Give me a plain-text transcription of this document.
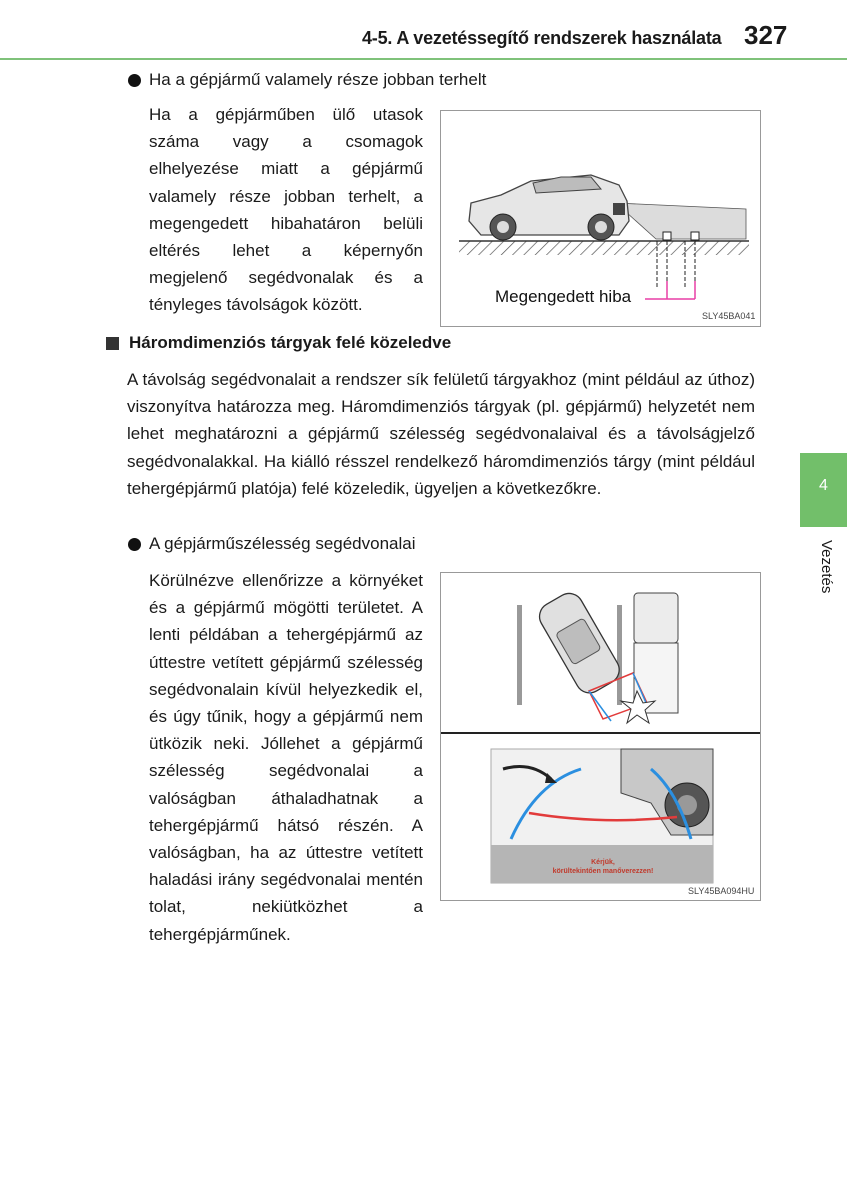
4-5. A vezetéssegítő rendszerek használata 327
4
Vezetés
Ha a gépjármű valamely része jobban terhelt

Ha a gépjárműben ülő utasok száma vagy a csomagok elhelyezése miatt a gépjármű valamely része jobban terhelt, a megengedett hibahatáron belüli eltérés lehet a képernyőn megjelenő segédvonalak és a tényleges távolságok között.	Megengedett hiba
SLY45BA041
Háromdimenziós tárgyak felé közeledve

A távolság segédvonalait a rendszer sík felületű tárgyakhoz (mint például az úthoz) viszonyítva határozza meg. Háromdimenziós tárgyak (pl. gépjármű) helyzetét nem lehet meghatározni a gépjármű szélesség segédvonalaival és a távolságjelző segédvonalakkal. Ha kiálló résszel rendelkező háromdimenziós tárgy (mint például tehergépjármű platója) felé közeledik, ügyeljen a következőkre.

A gépjárműszélesség segédvonalai

Körülnézve ellenőrizze a környéket és a gépjármű mögötti területet. A lenti példában a tehergépjármű az úttestre vetített gépjármű szélesség segédvonalain kívül helyezkedik el, és úgy tűnik, hogy a gépjármű nem ütközik neki. Jóllehet a gépjármű szélesség segédvonalai a valóságban áthaladhatnak a tehergépjármű hátsó részén. A valóságban, ha az úttestre vetített haladási irány segédvonalai mentén tolat, nekiütközhet a tehergépjárműnek.

Kérjük,
körültekintően manőverezzen!
SLY45BA094HU
